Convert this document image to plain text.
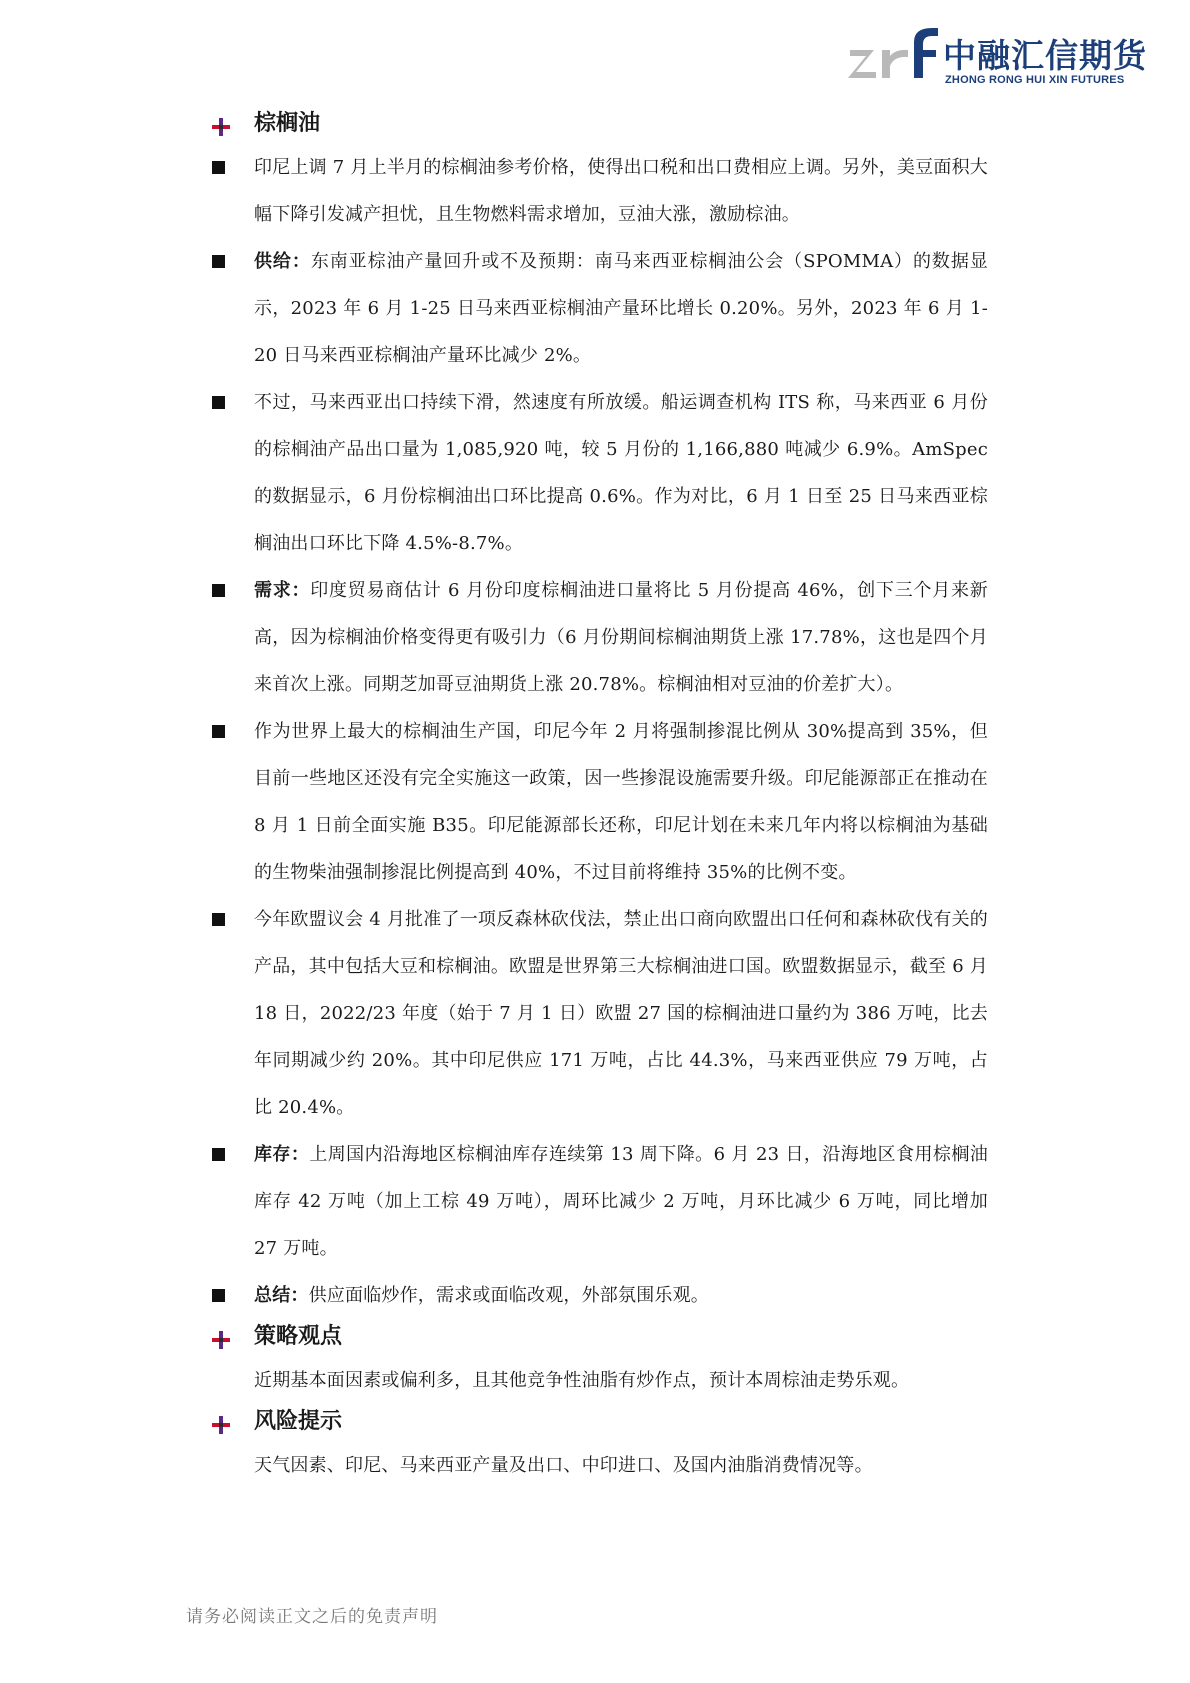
中融汇信期货
ZHONG RONG HUI XIN FUTURES
棕榈油
印尼上调 7 月上半月的棕榈油参考价格，使得出口税和出口费相应上调。另外，美豆面积大幅下降引发减产担忧，且生物燃料需求增加，豆油大涨，激励棕油。
供给：东南亚棕油产量回升或不及预期：南马来西亚棕榈油公会（SPOMMA）的数据显示，2023 年 6 月 1-25 日马来西亚棕榈油产量环比增长 0.20%。另外，2023 年 6 月 1-20 日马来西亚棕榈油产量环比减少 2%。
不过，马来西亚出口持续下滑，然速度有所放缓。船运调查机构 ITS 称，马来西亚 6 月份的棕榈油产品出口量为 1,085,920 吨，较 5 月份的 1,166,880 吨减少 6.9%。AmSpec 的数据显示，6 月份棕榈油出口环比提高 0.6%。作为对比，6 月 1 日至 25 日马来西亚棕榈油出口环比下降 4.5%-8.7%。
需求：印度贸易商估计 6 月份印度棕榈油进口量将比 5 月份提高 46%，创下三个月来新高，因为棕榈油价格变得更有吸引力（6 月份期间棕榈油期货上涨 17.78%，这也是四个月来首次上涨。同期芝加哥豆油期货上涨 20.78%。棕榈油相对豆油的价差扩大）。
作为世界上最大的棕榈油生产国，印尼今年 2 月将强制掺混比例从 30%提高到 35%，但目前一些地区还没有完全实施这一政策，因一些掺混设施需要升级。印尼能源部正在推动在 8 月 1 日前全面实施 B35。印尼能源部长还称，印尼计划在未来几年内将以棕榈油为基础的生物柴油强制掺混比例提高到 40%，不过目前将维持 35%的比例不变。
今年欧盟议会 4 月批准了一项反森林砍伐法，禁止出口商向欧盟出口任何和森林砍伐有关的产品，其中包括大豆和棕榈油。欧盟是世界第三大棕榈油进口国。欧盟数据显示，截至 6 月 18 日，2022/23 年度（始于 7 月 1 日）欧盟 27 国的棕榈油进口量约为 386 万吨，比去年同期减少约 20%。其中印尼供应 171 万吨，占比 44.3%，马来西亚供应 79 万吨，占比 20.4%。
库存：上周国内沿海地区棕榈油库存连续第 13 周下降。6 月 23 日，沿海地区食用棕榈油库存 42 万吨（加上工棕 49 万吨），周环比减少 2 万吨，月环比减少 6 万吨，同比增加 27 万吨。
总结：供应面临炒作，需求或面临改观，外部氛围乐观。
策略观点
近期基本面因素或偏利多，且其他竞争性油脂有炒作点，预计本周棕油走势乐观。
风险提示
天气因素、印尼、马来西亚产量及出口、中印进口、及国内油脂消费情况等。
请务必阅读正文之后的免责声明
